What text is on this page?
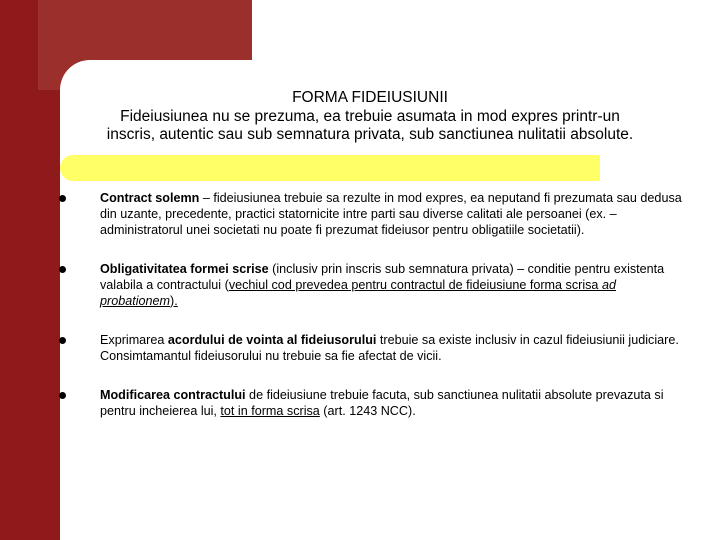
FORMA FIDEIUSIUNII
Fideiusiunea nu se prezuma, ea trebuie asumata in mod expres printr-un
inscris, autentic sau sub semnatura privata, sub sanctiunea nulitatii absolute.
Contract solemn – fideiusiunea trebuie sa rezulte in mod expres, ea neputand fi prezumata sau dedusa din uzante, precedente, practici statornicite intre parti sau diverse calitati ale persoanei (ex. – administratorul unei societati nu poate fi prezumat fideiusor pentru obligatiile societatii).
Obligativitatea formei scrise (inclusiv prin inscris sub semnatura privata) – conditie pentru existenta valabila a contractului (vechiul cod prevedea pentru contractul de fideiusiune forma scrisa ad probationem).
Exprimarea acordului de vointa al fideiusorului trebuie sa existe inclusiv in cazul fideiusiunii judiciare. Consimtamantul fideiusorului nu trebuie sa fie afectat de vicii.
Modificarea contractului de fideiusiune trebuie facuta, sub sanctiunea nulitatii absolute prevazuta si pentru incheierea lui, tot in forma scrisa (art. 1243 NCC).
